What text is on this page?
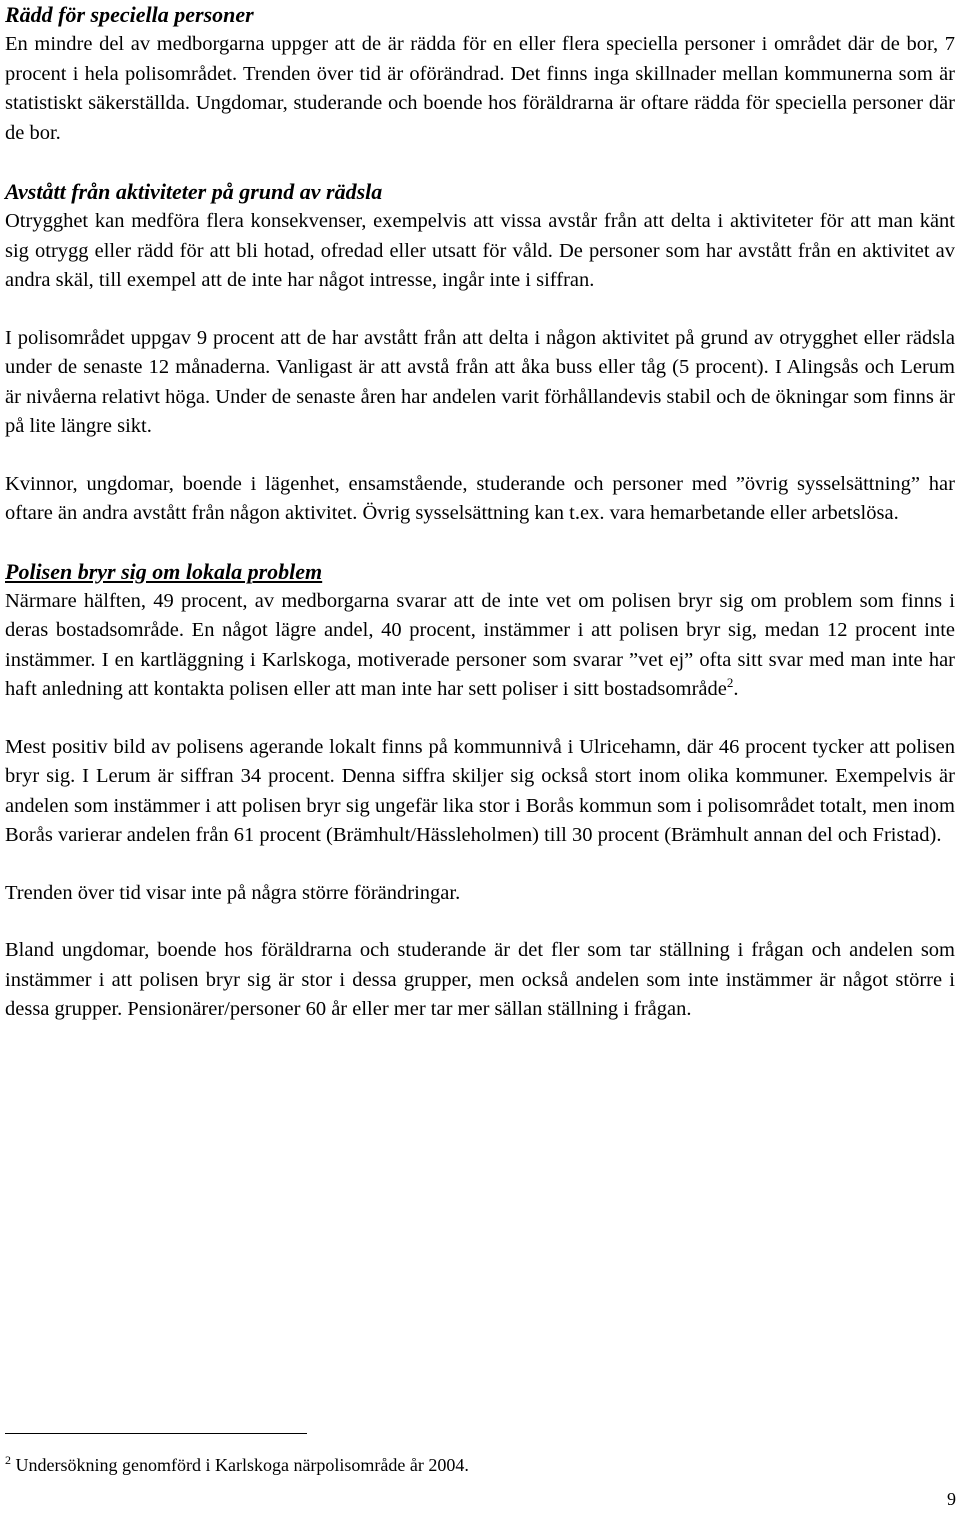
Rädd för speciella personer

En mindre del av medborgarna uppger att de är rädda för en eller flera speciella personer i området där de bor, 7 procent i hela polisområdet. Trenden över tid är oförändrad. Det finns inga skillnader mellan kommunerna som är statistiskt säkerställda. Ungdomar, studerande och boende hos föräldrarna är oftare rädda för speciella personer där de bor.

Avstått från aktiviteter på grund av rädsla

Otrygghet kan medföra flera konsekvenser, exempelvis att vissa avstår från att delta i aktiviteter för att man känt sig otrygg eller rädd för att bli hotad, ofredad eller utsatt för våld. De personer som har avstått från en aktivitet av andra skäl, till exempel att de inte har något intresse, ingår inte i siffran.

I polisområdet uppgav 9 procent att de har avstått från att delta i någon aktivitet på grund av otrygghet eller rädsla under de senaste 12 månaderna. Vanligast är att avstå från att åka buss eller tåg (5 procent). I Alingsås och Lerum är nivåerna relativt höga. Under de senaste åren har andelen varit förhållandevis stabil och de ökningar som finns är på lite längre sikt.

Kvinnor, ungdomar, boende i lägenhet, ensamstående, studerande och personer med ”övrig sysselsättning” har oftare än andra avstått från någon aktivitet. Övrig sysselsättning kan t.ex. vara hemarbetande eller arbetslösa.

Polisen bryr sig om lokala problem

Närmare hälften, 49 procent, av medborgarna svarar att de inte vet om polisen bryr sig om problem som finns i deras bostadsområde. En något lägre andel, 40 procent, instämmer i att polisen bryr sig, medan 12 procent inte instämmer. I en kartläggning i Karlskoga, motiverade personer som svarar ”vet ej” ofta sitt svar med man inte har haft anledning att kontakta polisen eller att man inte har sett poliser i sitt bostadsområde$^2$.

Mest positiv bild av polisens agerande lokalt finns på kommunnivå i Ulricehamn, där 46 procent tycker att polisen bryr sig. I Lerum är siffran 34 procent. Denna siffra skiljer sig också stort inom olika kommuner. Exempelvis är andelen som instämmer i att polisen bryr sig ungefär lika stor i Borås kommun som i polisområdet totalt, men inom Borås varierar andelen från 61 procent (Brämhult/Hässleholmen) till 30 procent (Brämhult annan del och Fristad).

Trenden över tid visar inte på några större förändringar.

Bland ungdomar, boende hos föräldrarna och studerande är det fler som tar ställning i frågan och andelen som instämmer i att polisen bryr sig är stor i dessa grupper, men också andelen som inte instämmer är något större i dessa grupper. Pensionärer/personer 60 år eller mer tar mer sällan ställning i frågan.

$^2$ Undersökning genomförd i Karlskoga närpolisområde år 2004.
9
